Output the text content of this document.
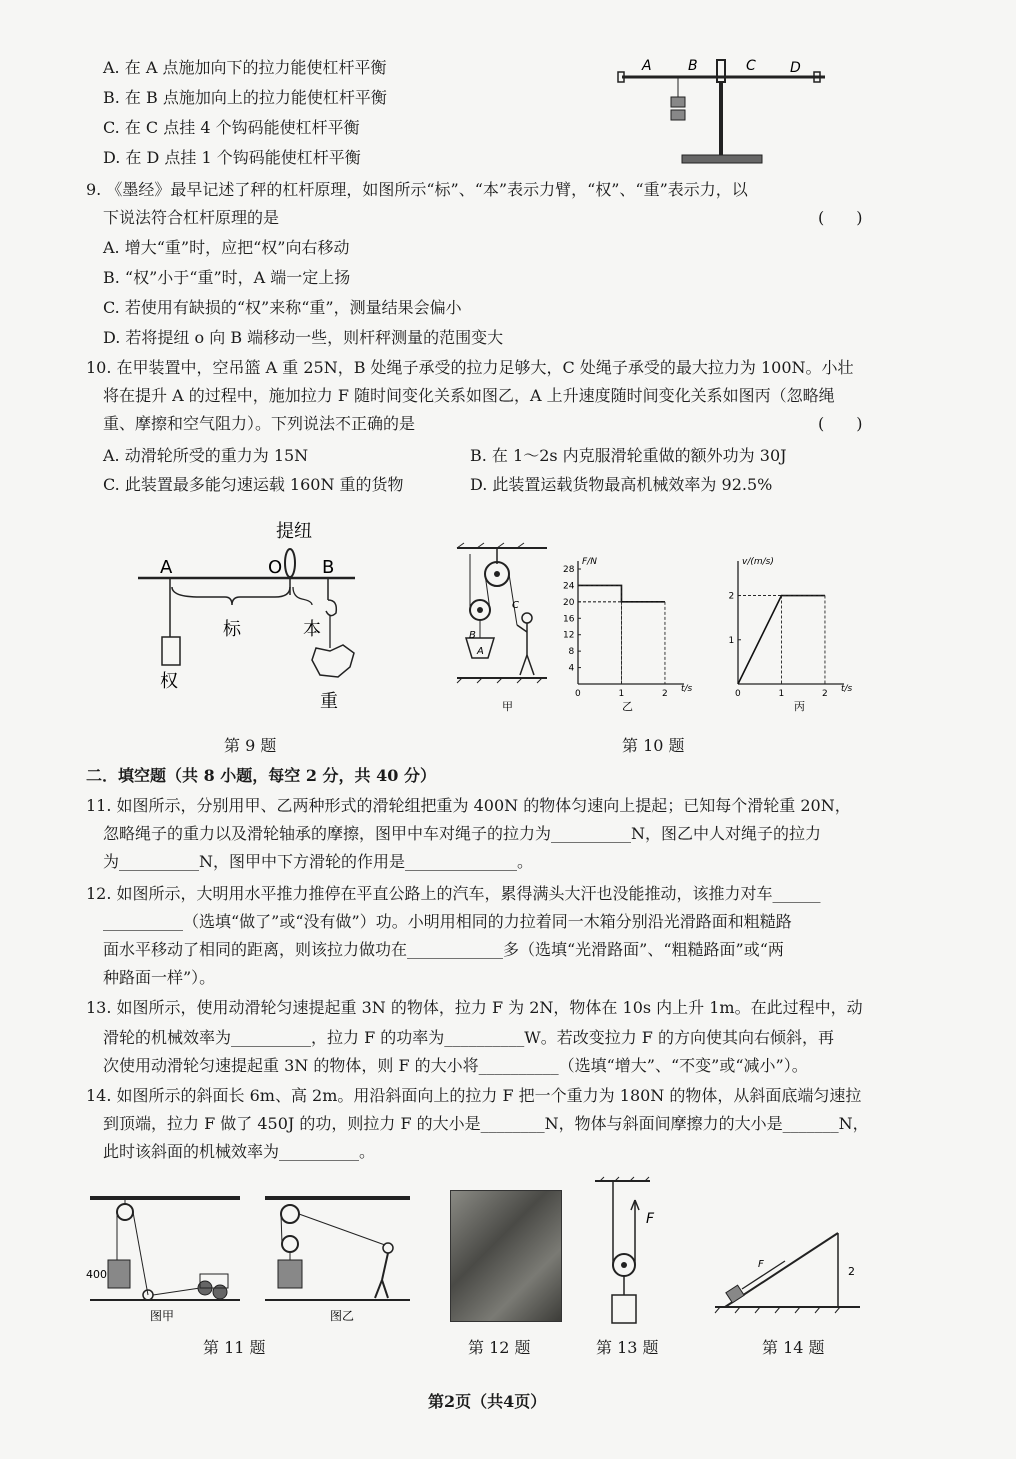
A. 在 A 点施加向下的拉力能使杠杆平衡
B. 在 B 点施加向上的拉力能使杠杆平衡
C. 在 C 点挂 4 个钩码能使杠杆平衡
D. 在 D 点挂 1 个钩码能使杠杆平衡
A	B	C D
9. 《墨经》最早记述了秤的杠杆原理，如图所示“标”、“本”表示力臂，“权”、“重”表示力，以
下说法符合杠杆原理的是	(　　)
A. 增大“重”时，应把“权”向右移动
B. “权”小于“重”时，A 端一定上扬
C. 若使用有缺损的“权”来称“重”，测量结果会偏小
D. 若将提纽 o 向 B 端移动一些，则杆秤测量的范围变大
10. 在甲装置中，空吊篮 A 重 25N，B 处绳子承受的拉力足够大，C 处绳子承受的最大拉力为 100N。小壮
将在提升 A 的过程中，施加拉力 F 随时间变化关系如图乙，A 上升速度随时间变化关系如图丙（忽略绳
重、摩擦和空气阻力）。下列说法不正确的是	(　　)
A. 动滑轮所受的重力为 15N	B. 在 1～2s 内克服滑轮重做的额外功为 30J
C. 此装置最多能匀速运载 160N 重的货物	D. 此装置运载货物最高机械效率为 92.5%
提纽
A	O B
标	本
权
重
第 9 题
B
C
A
甲
F/N
t/s
0	1	2
4
8
12
16
20
24
28
乙
v/(m/s)
t/s
0	1	2
1
2
丙
第 10 题
二．填空题（共 8 小题，每空 2 分，共 40 分）
11. 如图所示，分别用甲、乙两种形式的滑轮组把重为 400N 的物体匀速向上提起；已知每个滑轮重 20N，
忽略绳子的重力以及滑轮轴承的摩擦，图甲中车对绳子的拉力为__________N，图乙中人对绳子的拉力
为__________N，图甲中下方滑轮的作用是______________。
12. 如图所示，大明用水平推力推停在平直公路上的汽车，累得满头大汗也没能推动，该推力对车______
__________（选填“做了”或“没有做”）功。小明用相同的力拉着同一木箱分别沿光滑路面和粗糙路
面水平移动了相同的距离，则该拉力做功在____________多（选填“光滑路面”、“粗糙路面”或“两
种路面一样”）。
13. 如图所示，使用动滑轮匀速提起重 3N 的物体，拉力 F 为 2N，物体在 10s 内上升 1m。在此过程中，动
滑轮的机械效率为__________，拉力 F 的功率为__________W。若改变拉力 F 的方向使其向右倾斜，再
次使用动滑轮匀速提起重 3N 的物体，则 F 的大小将__________（选填“增大”、“不变”或“减小”）。
14. 如图所示的斜面长 6m、高 2m。用沿斜面向上的拉力 F 把一个重力为 180N 的物体，从斜面底端匀速拉
到顶端，拉力 F 做了 450J 的功，则拉力 F 的大小是________N，物体与斜面间摩擦力的大小是_______N，
此时该斜面的机械效率为__________。
400
图甲	图乙
第 11 题	第 12 题
F
第 13 题
F
2
第 14 题
第2页（共4页）
